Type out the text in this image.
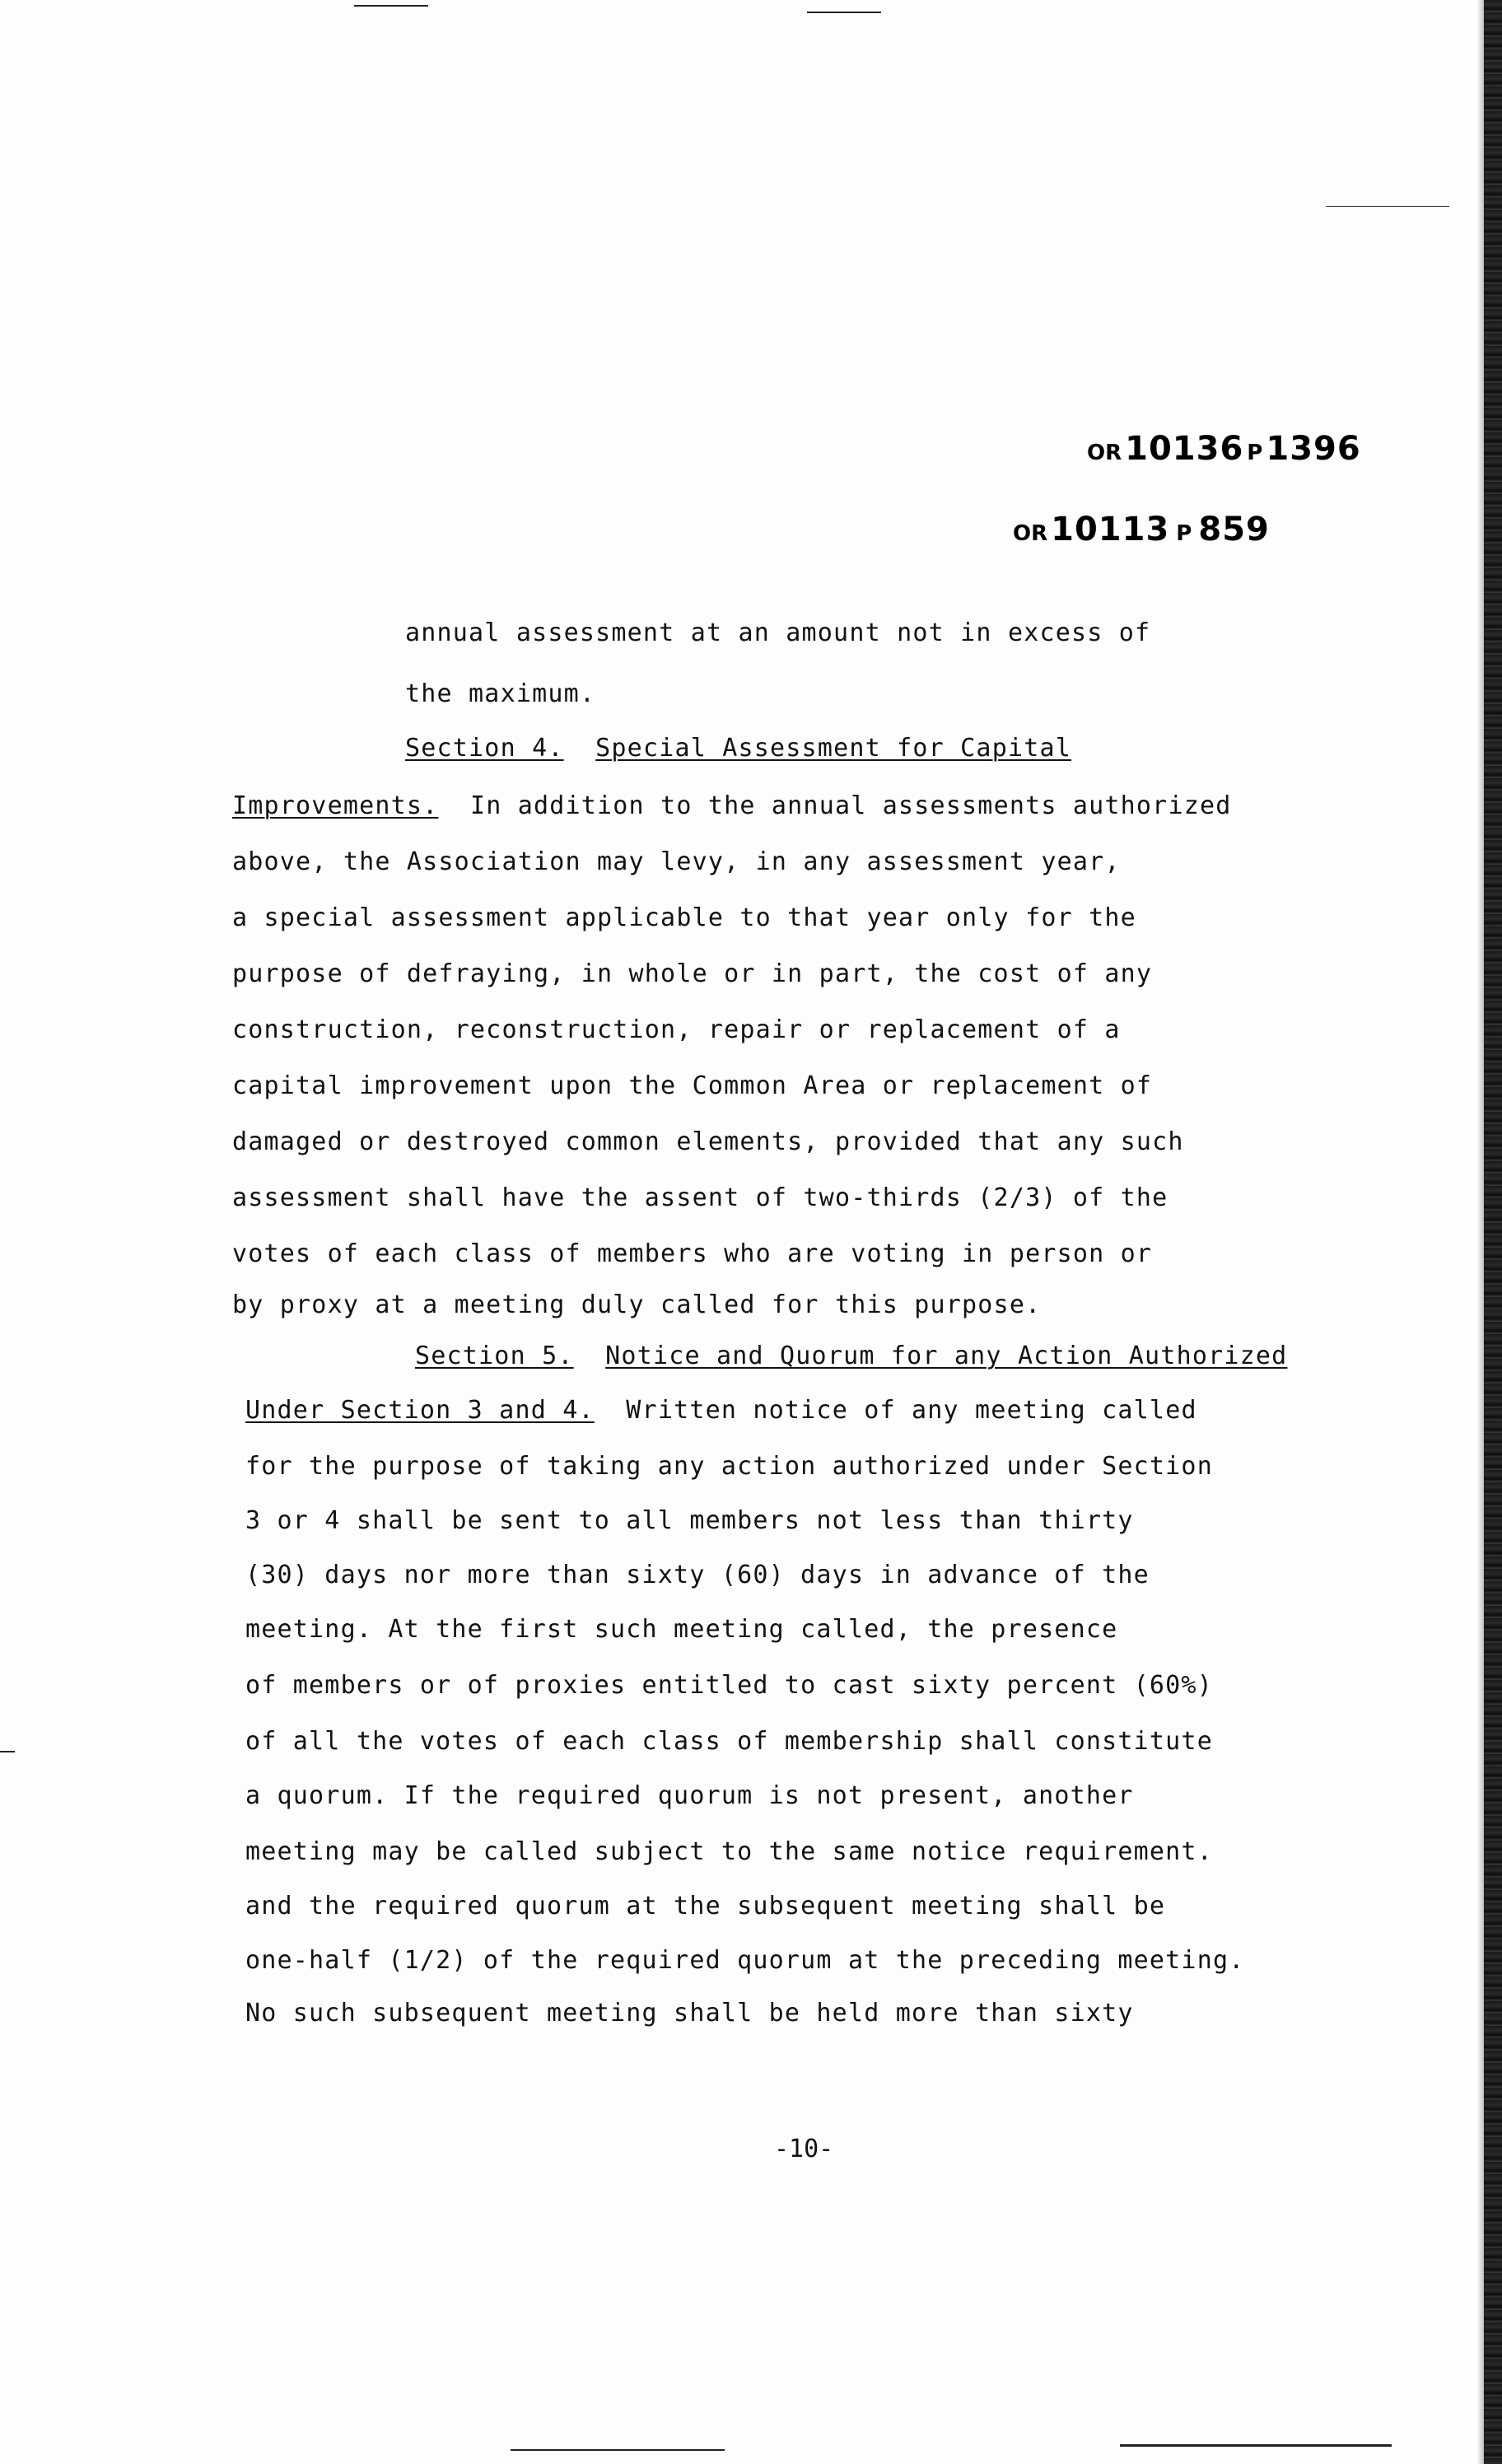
OR 10136 P 1396
OR 10113 P 859
annual assessment at an amount not in excess of
the maximum.
Section 4. Special Assessment for Capital
Improvements. In addition to the annual assessments authorized
above, the Association may levy, in any assessment year,
a special assessment applicable to that year only for the
purpose of defraying, in whole or in part, the cost of any
construction, reconstruction, repair or replacement of a
capital improvement upon the Common Area or replacement of
damaged or destroyed common elements, provided that any such
assessment shall have the assent of two-thirds (2/3) of the
votes of each class of members who are voting in person or
by proxy at a meeting duly called for this purpose.
Section 5. Notice and Quorum for any Action Authorized
Under Section 3 and 4. Written notice of any meeting called
for the purpose of taking any action authorized under Section
3 or 4 shall be sent to all members not less than thirty
(30) days nor more than sixty (60) days in advance of the
meeting. At the first such meeting called, the presence
of members or of proxies entitled to cast sixty percent (60%)
of all the votes of each class of membership shall constitute
a quorum. If the required quorum is not present, another
meeting may be called subject to the same notice requirement.
and the required quorum at the subsequent meeting shall be
one-half (1/2) of the required quorum at the preceding meeting.
No such subsequent meeting shall be held more than sixty
-10-
